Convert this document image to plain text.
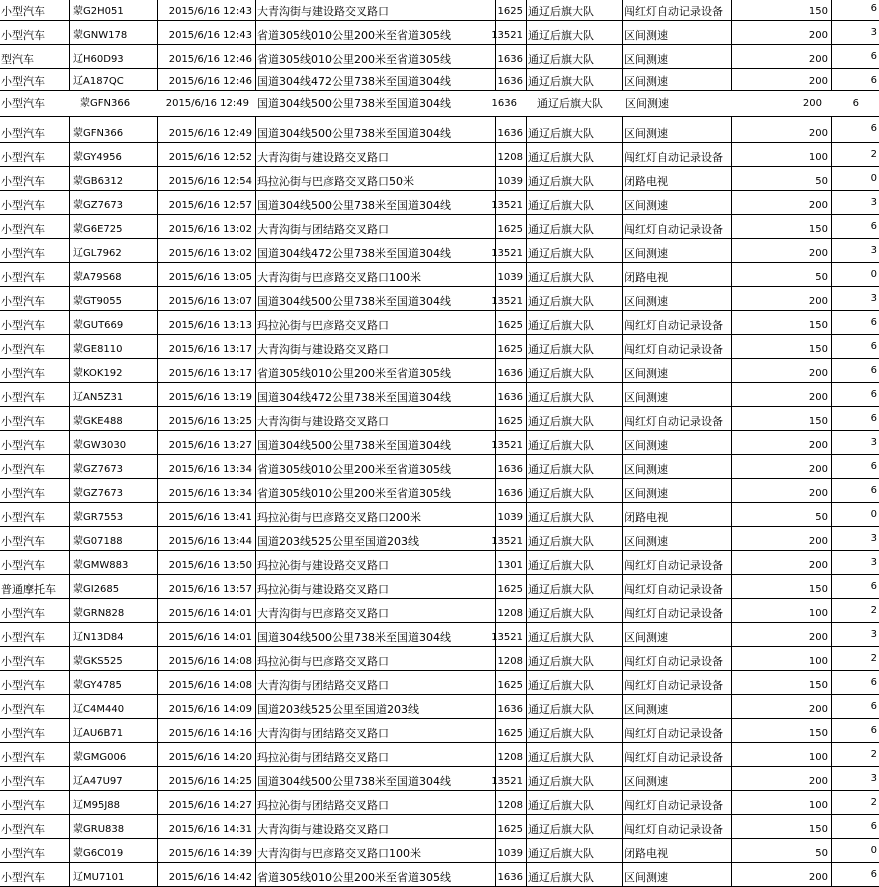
小型汽车	蒙G2H051	2015/6/16 12:43 大青沟街与建设路交叉路口	1625 通辽后旗大队	闯红灯自动记录设备	150	6
小型汽车	蒙GNW178	2015/6/16 12:43 省道305线010公里200米至省道305线	13521 通辽后旗大队	区间测速	200	3
型汽车	辽H60D93	2015/6/16 12:46 省道305线010公里200米至省道305线	1636 通辽后旗大队	区间测速	200	6
小型汽车	辽A187QC	2015/6/16 12:46 国道304线472公里738米至国道304线	1636 通辽后旗大队	区间测速	200	6
小型汽车	蒙GFN366	2015/6/16 12:49 国道304线500公里738米至国道304线	1636 通辽后旗大队 区间测速	200	6
小型汽车	蒙GFN366	2015/6/16 12:49 国道304线500公里738米至国道304线	1636 通辽后旗大队	区间测速	200	6
小型汽车	蒙GY4956	2015/6/16 12:52 大青沟街与建设路交叉路口	1208 通辽后旗大队	闯红灯自动记录设备	100	2
小型汽车	蒙GB6312	2015/6/16 12:54 玛拉沁街与巴彦路交叉路口50米	1039 通辽后旗大队	闭路电视	50	0
小型汽车	蒙GZ7673	2015/6/16 12:57 国道304线500公里738米至国道304线	13521 通辽后旗大队	区间测速	200	3
小型汽车	蒙G6E725	2015/6/16 13:02 大青沟街与团结路交叉路口	1625 通辽后旗大队	闯红灯自动记录设备	150	6
小型汽车	辽GL7962	2015/6/16 13:02 国道304线472公里738米至国道304线	13521 通辽后旗大队	区间测速	200	3
小型汽车	蒙A79S68	2015/6/16 13:05 大青沟街与巴彦路交叉路口100米	1039 通辽后旗大队	闭路电视	50	0
小型汽车	蒙GT9055	2015/6/16 13:07 国道304线500公里738米至国道304线	13521 通辽后旗大队	区间测速	200	3
小型汽车	蒙GUT669	2015/6/16 13:13 玛拉沁街与巴彦路交叉路口	1625 通辽后旗大队	闯红灯自动记录设备	150	6
小型汽车	蒙GE8110	2015/6/16 13:17 大青沟街与建设路交叉路口	1625 通辽后旗大队	闯红灯自动记录设备	150	6
小型汽车	蒙KOK192	2015/6/16 13:17 省道305线010公里200米至省道305线	1636 通辽后旗大队	区间测速	200	6
小型汽车	辽AN5Z31	2015/6/16 13:19 国道304线472公里738米至国道304线	1636 通辽后旗大队	区间测速	200	6
小型汽车	蒙GKE488	2015/6/16 13:25 大青沟街与建设路交叉路口	1625 通辽后旗大队	闯红灯自动记录设备	150	6
小型汽车	蒙GW3030	2015/6/16 13:27 国道304线500公里738米至国道304线	13521 通辽后旗大队	区间测速	200	3
小型汽车	蒙GZ7673	2015/6/16 13:34 省道305线010公里200米至省道305线	1636 通辽后旗大队	区间测速	200	6
小型汽车	蒙GZ7673	2015/6/16 13:34 省道305线010公里200米至省道305线	1636 通辽后旗大队	区间测速	200	6
小型汽车	蒙GR7553	2015/6/16 13:41 玛拉沁街与巴彦路交叉路口200米	1039 通辽后旗大队	闭路电视	50	0
小型汽车	蒙G07188	2015/6/16 13:44 国道203线525公里至国道203线	13521 通辽后旗大队	区间测速	200	3
小型汽车	蒙GMW883	2015/6/16 13:50 玛拉沁街与建设路交叉路口	1301 通辽后旗大队	闯红灯自动记录设备	200	3
普通摩托车 蒙GI2685	2015/6/16 13:57 玛拉沁街与建设路交叉路口	1625 通辽后旗大队	闯红灯自动记录设备	150	6
小型汽车	蒙GRN828	2015/6/16 14:01 大青沟街与巴彦路交叉路口	1208 通辽后旗大队	闯红灯自动记录设备	100	2
小型汽车	辽N13D84	2015/6/16 14:01 国道304线500公里738米至国道304线	13521 通辽后旗大队	区间测速	200	3
小型汽车	蒙GKS525	2015/6/16 14:08 玛拉沁街与巴彦路交叉路口	1208 通辽后旗大队	闯红灯自动记录设备	100	2
小型汽车	蒙GY4785	2015/6/16 14:08 大青沟街与团结路交叉路口	1625 通辽后旗大队	闯红灯自动记录设备	150	6
小型汽车	辽C4M440	2015/6/16 14:09 国道203线525公里至国道203线	1636 通辽后旗大队	区间测速	200	6
小型汽车	辽AU6B71	2015/6/16 14:16 大青沟街与团结路交叉路口	1625 通辽后旗大队	闯红灯自动记录设备	150	6
小型汽车	蒙GMG006	2015/6/16 14:20 玛拉沁街与团结路交叉路口	1208 通辽后旗大队	闯红灯自动记录设备	100	2
小型汽车	辽A47U97	2015/6/16 14:25 国道304线500公里738米至国道304线	13521 通辽后旗大队	区间测速	200	3
小型汽车	辽M95J88	2015/6/16 14:27 玛拉沁街与团结路交叉路口	1208 通辽后旗大队	闯红灯自动记录设备	100	2
小型汽车	蒙GRU838	2015/6/16 14:31 大青沟街与建设路交叉路口	1625 通辽后旗大队	闯红灯自动记录设备	150	6
小型汽车	蒙G6C019	2015/6/16 14:39 大青沟街与巴彦路交叉路口100米	1039 通辽后旗大队	闭路电视	50	0
小型汽车	辽MU7101	2015/6/16 14:42 省道305线010公里200米至省道305线	1636 通辽后旗大队	区间测速	200	6
